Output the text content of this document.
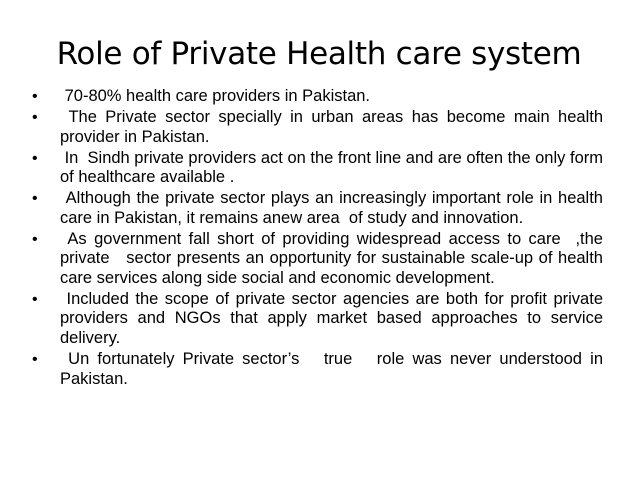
Role of Private Health care system
•	70-80% health care providers in Pakistan.
•	The Private sector specially in urban areas has become main health provider in Pakistan.
•	In  Sindh private providers act on the front line and are often the only form of healthcare available .
•	Although the private sector plays an increasingly important role in health care in Pakistan, it remains anew area  of study and innovation.
•	As government fall short of providing widespread access to care  ,the private   sector presents an opportunity for sustainable scale-up of health care services along side social and economic development.
•	Included the scope of private sector agencies are both for profit private providers and NGOs that apply market based approaches to service delivery.
•	Un fortunately Private sector’s   true   role was never understood in Pakistan.
